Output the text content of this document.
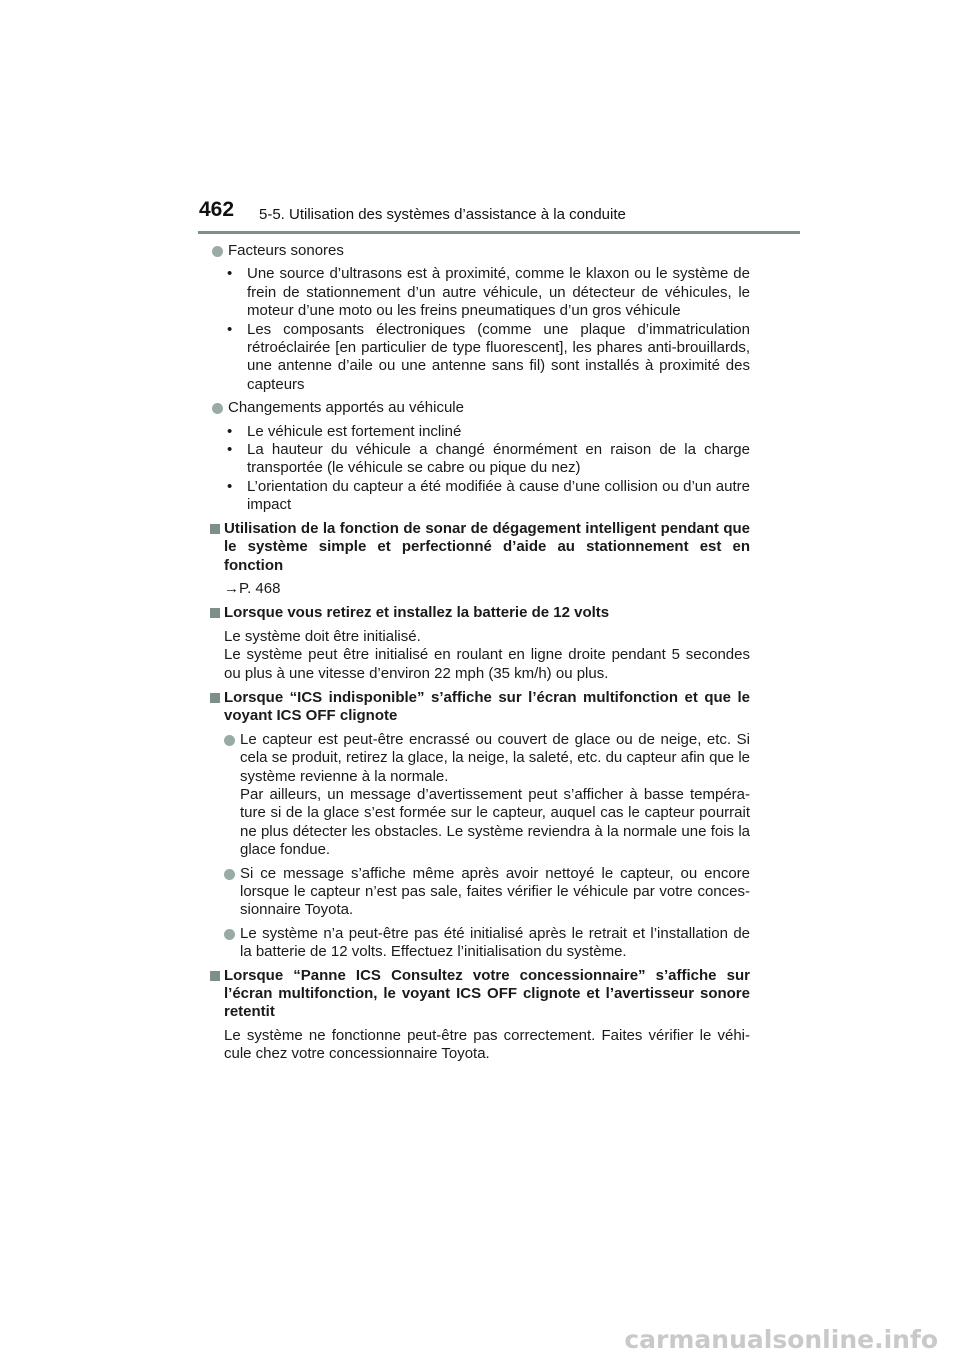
462 5-5. Utilisation des systèmes d’assistance à la conduite
Facteurs sonores
• Une source d’ultrasons est à proximité, comme le klaxon ou le système de frein de stationnement d’un autre véhicule, un détecteur de véhicules, le moteur d’une moto ou les freins pneumatiques d’un gros véhicule
• Les composants électroniques (comme une plaque d’immatriculation rétroéclairée [en particulier de type fluorescent], les phares anti-brouillards, une antenne d’aile ou une antenne sans fil) sont installés à proximité des capteurs
Changements apportés au véhicule
• Le véhicule est fortement incliné
• La hauteur du véhicule a changé énormément en raison de la charge transportée (le véhicule se cabre ou pique du nez)
• L’orientation du capteur a été modifiée à cause d’une collision ou d’un autre impact
Utilisation de la fonction de sonar de dégagement intelligent pendant que le système simple et perfectionné d’aide au stationnement est en fonction
→P. 468
Lorsque vous retirez et installez la batterie de 12 volts
Le système doit être initialisé.
Le système peut être initialisé en roulant en ligne droite pendant 5 secondes ou plus à une vitesse d’environ 22 mph (35 km/h) ou plus.
Lorsque “ICS indisponible” s’affiche sur l’écran multifonction et que le voyant ICS OFF clignote
Le capteur est peut-être encrassé ou couvert de glace ou de neige, etc. Si cela se produit, retirez la glace, la neige, la saleté, etc. du capteur afin que le système revienne à la normale.
Par ailleurs, un message d’avertissement peut s’afficher à basse tempéra-ture si de la glace s’est formée sur le capteur, auquel cas le capteur pourrait ne plus détecter les obstacles. Le système reviendra à la normale une fois la glace fondue.
Si ce message s’affiche même après avoir nettoyé le capteur, ou encore lorsque le capteur n’est pas sale, faites vérifier le véhicule par votre conces-sionnaire Toyota.
Le système n’a peut-être pas été initialisé après le retrait et l’installation de la batterie de 12 volts. Effectuez l’initialisation du système.
Lorsque “Panne ICS Consultez votre concessionnaire” s’affiche sur l’écran multifonction, le voyant ICS OFF clignote et l’avertisseur sonore retentit
Le système ne fonctionne peut-être pas correctement. Faites vérifier le véhi-cule chez votre concessionnaire Toyota.
carmanualsonline.info
